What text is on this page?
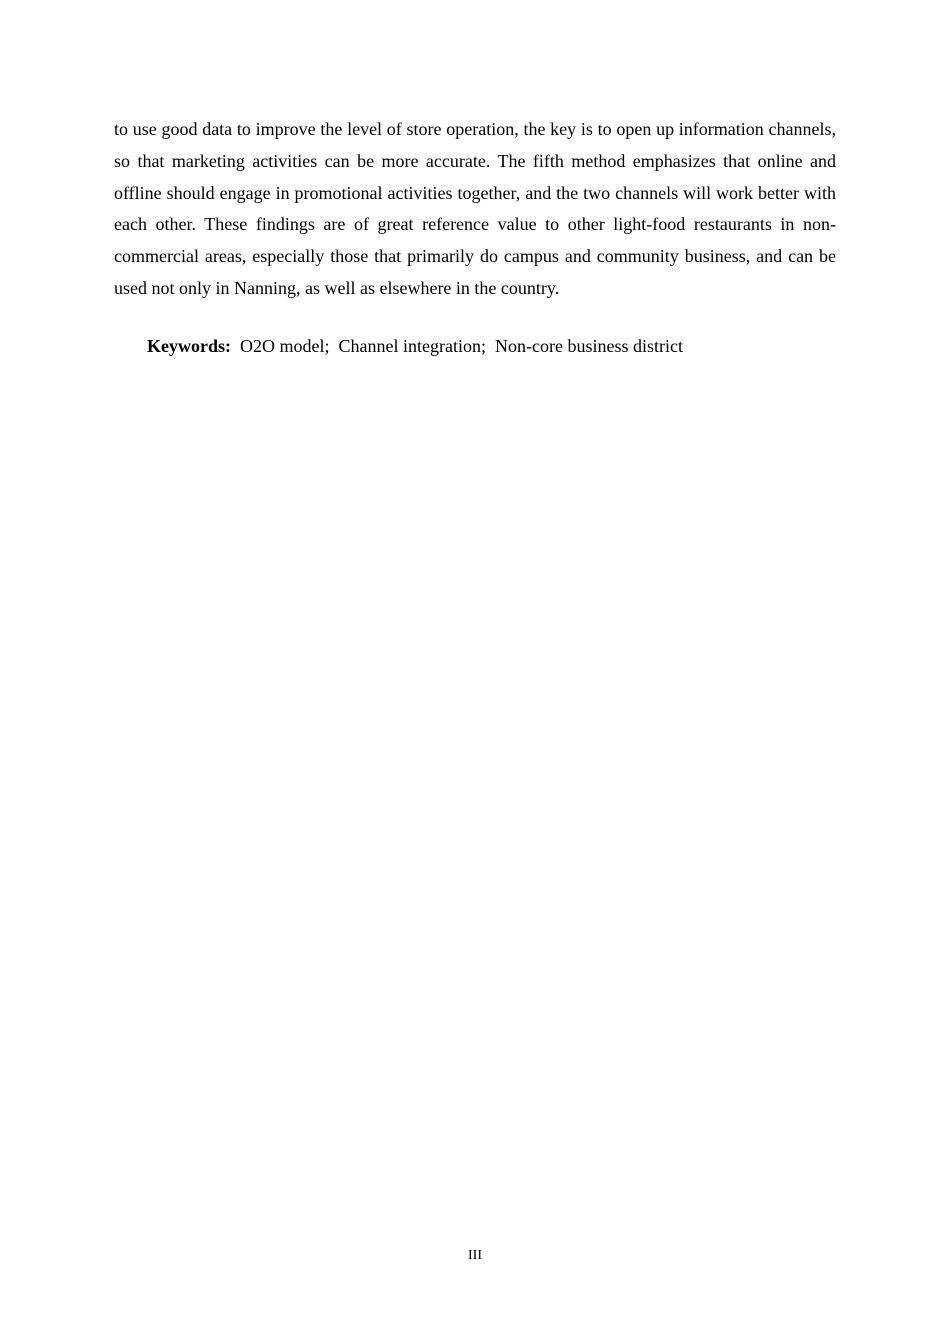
to use good data to improve the level of store operation, the key is to open up information channels, so that marketing activities can be more accurate. The fifth method emphasizes that online and offline should engage in promotional activities together, and the two channels will work better with each other. These findings are of great reference value to other light-food restaurants in non-commercial areas, especially those that primarily do campus and community business, and can be used not only in Nanning, as well as elsewhere in the country.

Keywords: O2O model;  Channel integration;  Non-core business district

III
